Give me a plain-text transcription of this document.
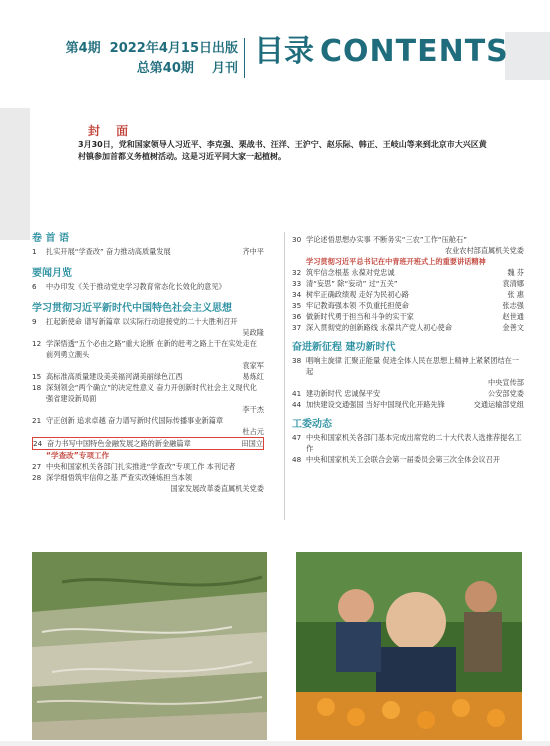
第4期 2022年4月15日出版
总第40期 月刊 目录 CONTENTS
封 面
3月30日，党和国家领导人习近平、李克强、栗战书、汪洋、王沪宁、赵乐际、韩正、王岐山等来到北京市大兴区黄村镇参加首都义务植树活动。这是习近平同大家一起植树。
卷 首 语
1	扎实开展“学查改” 奋力推动高质量发展	齐中平
要闻月览
6	中办印发《关于推动党史学习教育常态化长效化的意见》
学习贯彻习近平新时代中国特色社会主义思想
9	扛起新使命 谱写新篇章 以实际行动迎接党的二十大胜利召开
吴政隆
12 学深悟透“五个必由之路”重大论断 在新的赶考之路上干在实处走在前列勇立潮头
袁家军
15 高标准高质量建设美美福河湖美丽绿色江西	易炼红
18 深刻领会“两个确立”的决定性意义 奋力开创新时代社会主义现代化强省建设新局面
李干杰
21 守正创新 追求卓越 奋力谱写新时代国际传播事业新篇章
杜占元
24 奋力书写中国特色金融发展之路的新金融篇章	田国立
“学查改”专项工作
27 中央和国家机关各部门扎实推进“学查改”专项工作 本刊记者
28 深学细悟筑牢信仰之基 严查实改锤炼担当本领
国家发展改革委直属机关党委
30 学论述悟思想办实事 不断务实“三农”工作“压舱石”
农业农村部直属机关党委
学习贯彻习近平总书记在中青班开班式上的重要讲话精神
32 筑牢信念根基 永葆对党忠诚	魏 芬
33 清“妄思” 除“妄动” 过“五关”	袁清娜
34 树牢正确政绩观 走好为民初心路	张 惠
35 牢记教诲强本领 不负重托担使命	张志强
36 做新时代勇于担当和斗争的实干家	赵世通
37 深入贯彻党的创新路线 永葆共产党人初心使命	金善文
奋进新征程 建功新时代
38 唱响主旋律 汇聚正能量 促进全体人民在思想上精神上紧紧团结在一起
中央宣传部
41 建功新时代 忠诚保平安	公安部党委
44 加快建设交通强国 当好中国现代化开路先锋	交通运输部党组
工委动态
47 中央和国家机关各部门基本完成出席党的二十大代表人选推荐提名工作
48 中央和国家机关工会联合会第一届委员会第三次全体会议召开
